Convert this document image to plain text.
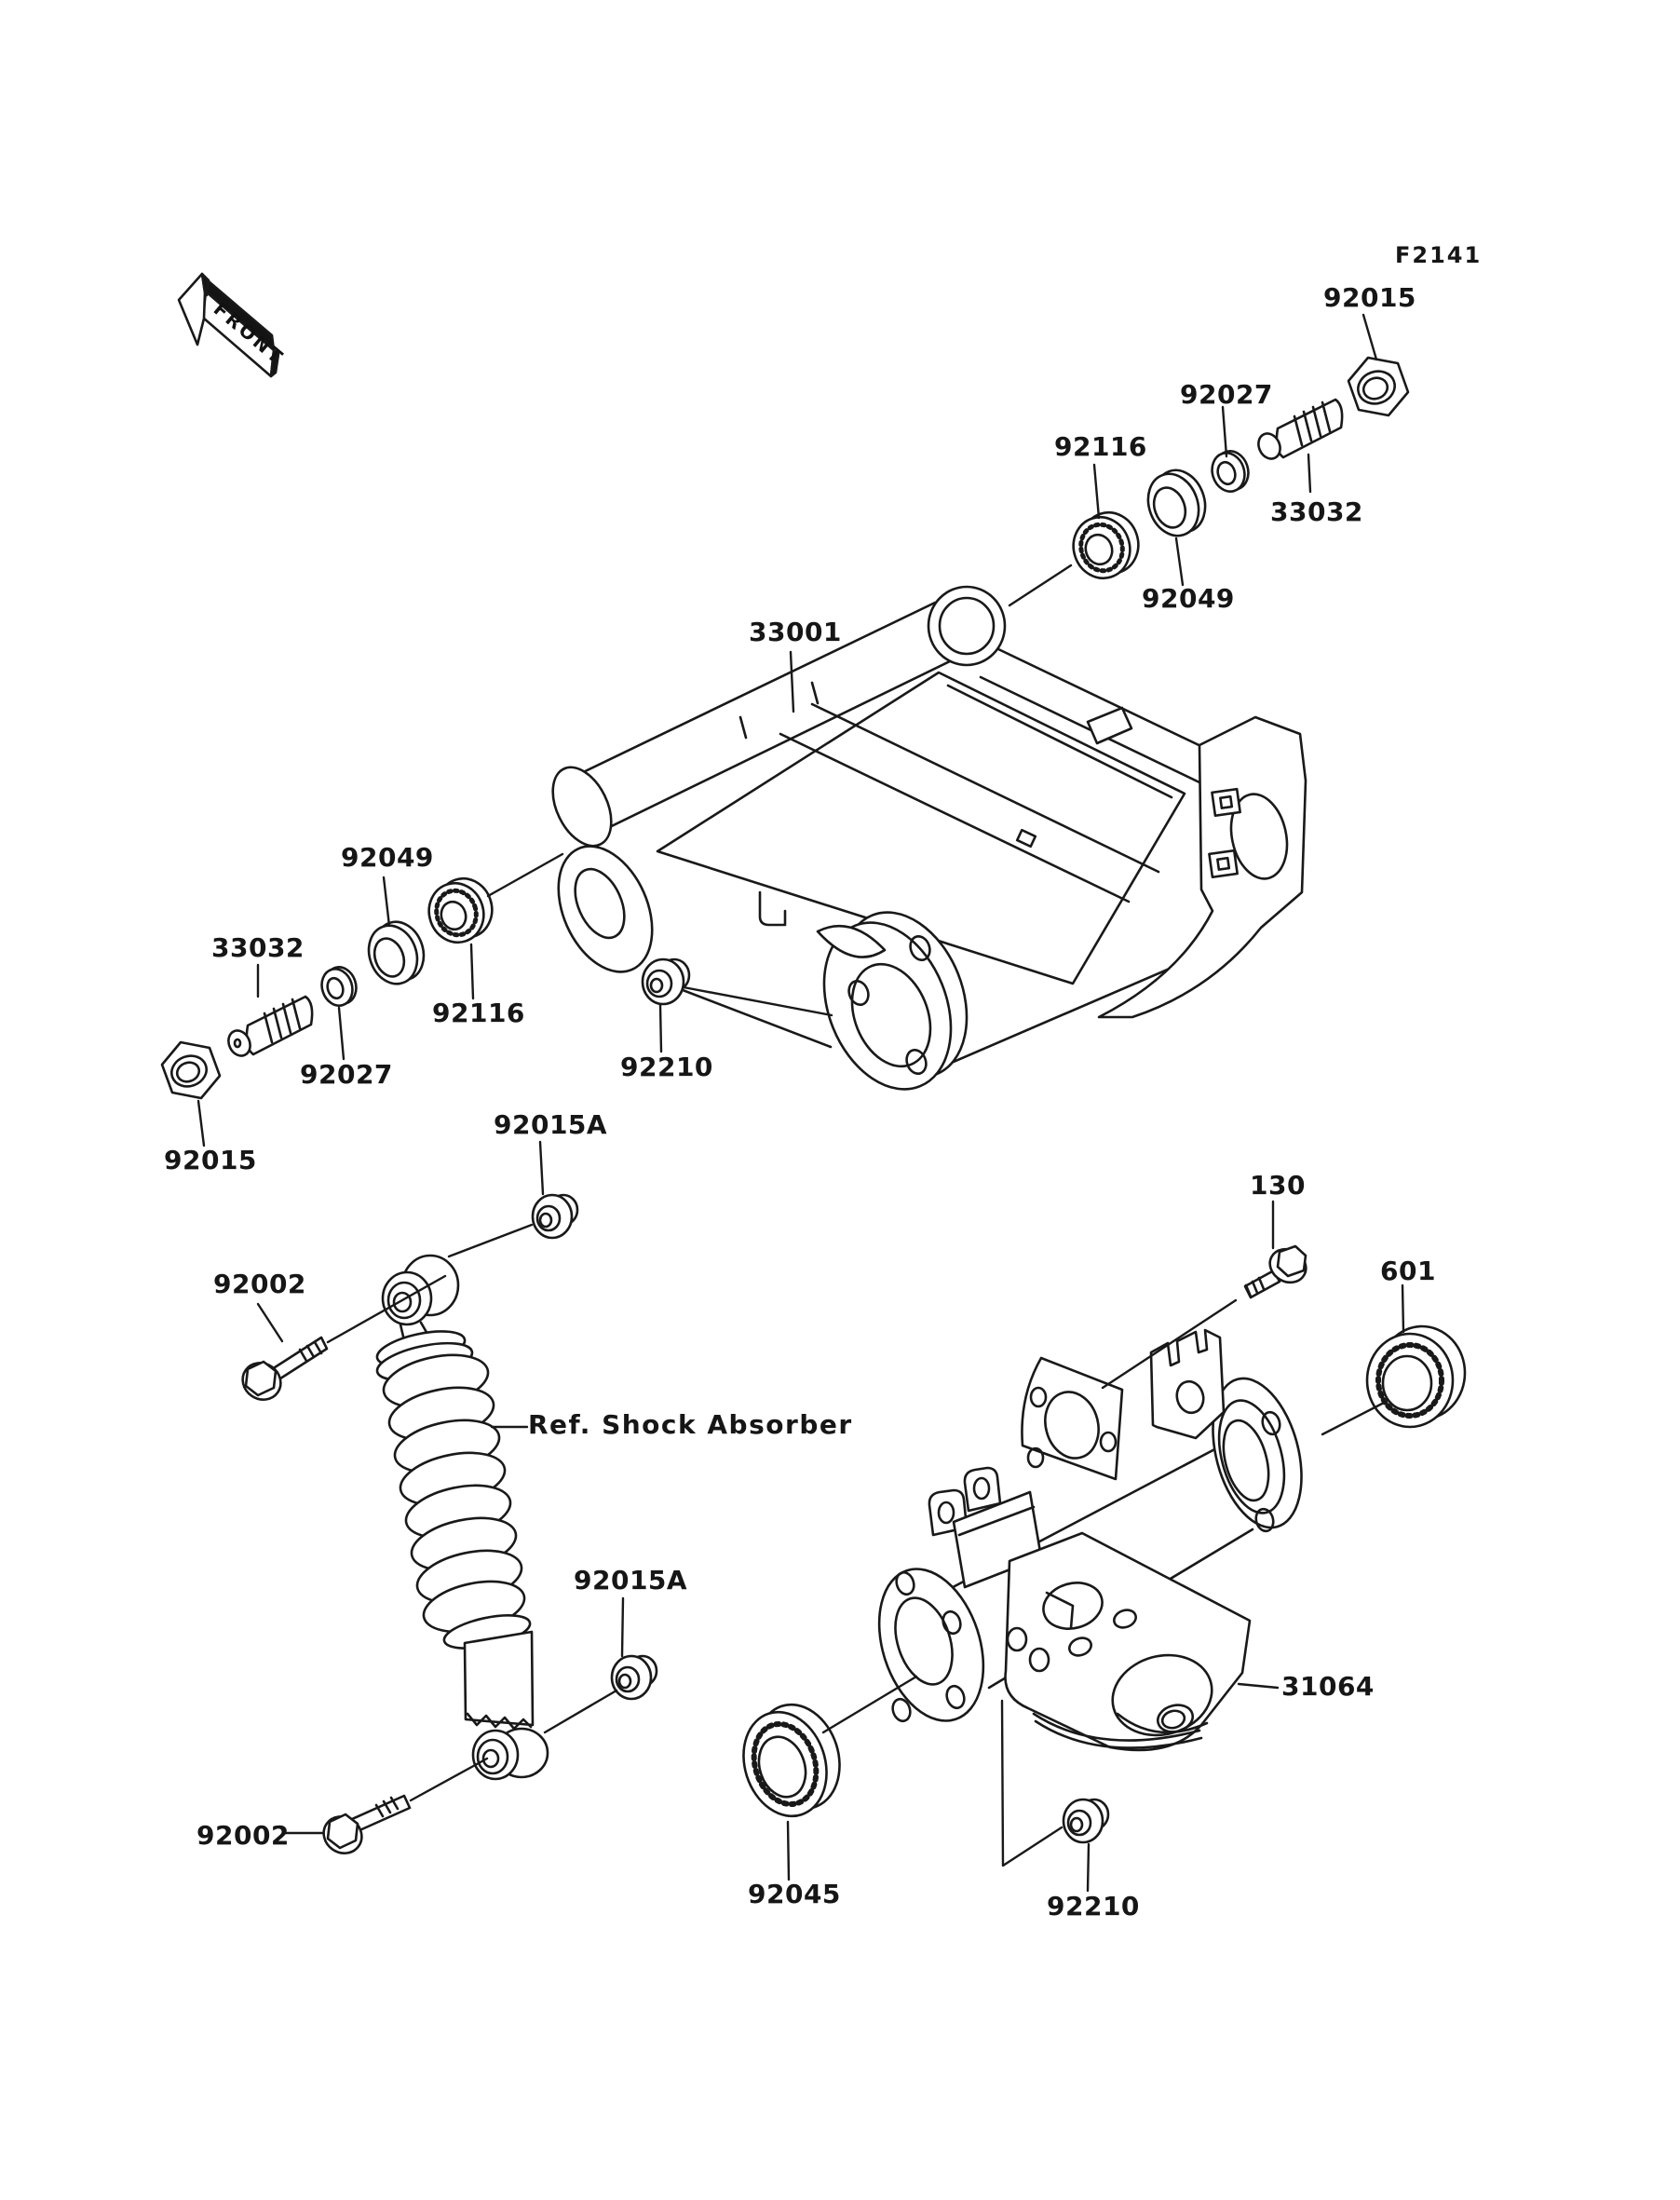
FRONT
F2141
92015
92027
33032
92116
92049
33001
92049
33032
92027
92116
92015
92210
92015A
92002
Ref. Shock Absorber
92015A
92002
92045	92210
130
601
31064
